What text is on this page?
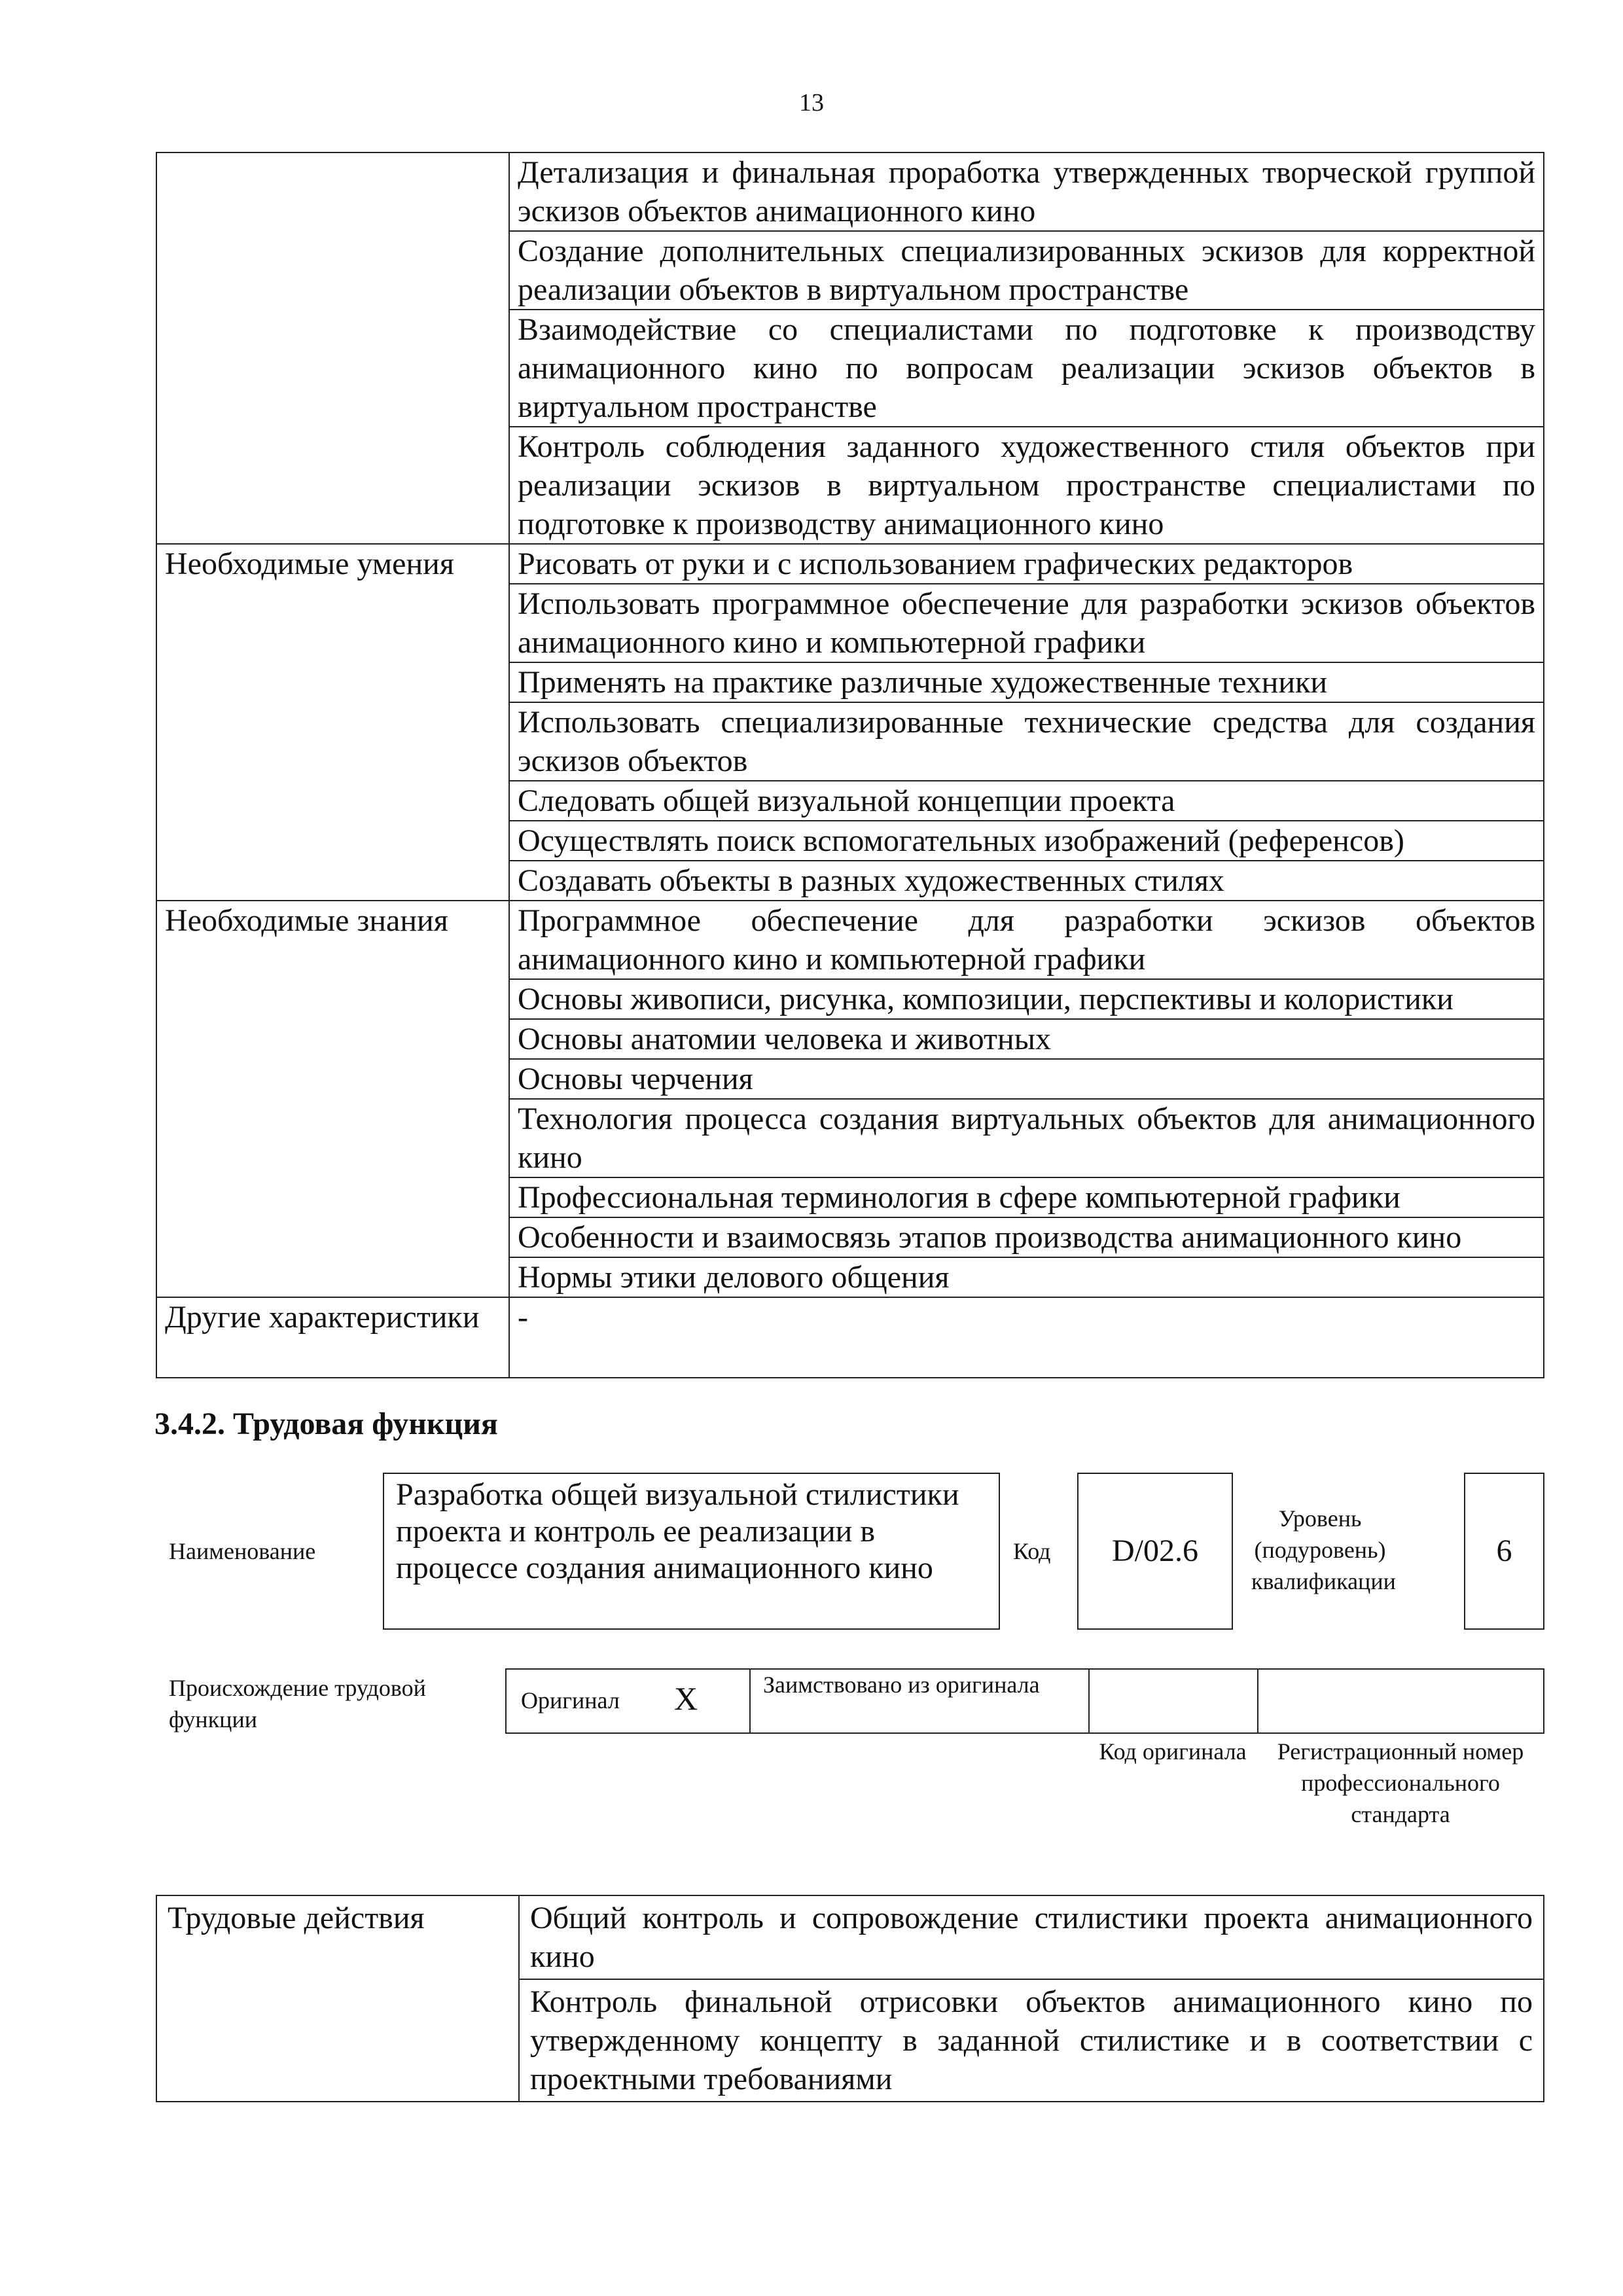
13
	Детализация и финальная проработка утвержденных творческой группой эскизов объектов анимационного кино
	Создание дополнительных специализированных эскизов для корректной реализации объектов в виртуальном пространстве
	Взаимодействие со специалистами по подготовке к производству анимационного кино по вопросам реализации эскизов объектов в виртуальном пространстве
	Контроль соблюдения заданного художественного стиля объектов при реализации эскизов в виртуальном пространстве специалистами по подготовке к производству анимационного кино
Необходимые умения	Рисовать от руки и с использованием графических редакторов
	Использовать программное обеспечение для разработки эскизов объектов анимационного кино и компьютерной графики
	Применять на практике различные художественные техники
	Использовать специализированные технические средства для создания эскизов объектов
	Следовать общей визуальной концепции проекта
	Осуществлять поиск вспомогательных изображений (референсов)
	Создавать объекты в разных художественных стилях
Необходимые знания	Программное обеспечение для разработки эскизов объектов анимационного кино и компьютерной графики
	Основы живописи, рисунка, композиции, перспективы и колористики
	Основы анатомии человека и животных
	Основы черчения
	Технология процесса создания виртуальных объектов для анимационного кино
	Профессиональная терминология в сфере компьютерной графики
	Особенности и взаимосвязь этапов производства анимационного кино
	Нормы этики делового общения
Другие характеристики	-
3.4.2. Трудовая функция
Наименование
Разработка общей визуальной стилистики проекта и контроль ее реализации в процессе создания анимационного кино	Код	D/02.6
Уровень (подуровень) квалификации
6
Происхождение трудовой функции
Оригинал X	Заимствовано из оригинала
Код оригинала	Регистрационный номер профессионального стандарта
Трудовые действия	Общий контроль и сопровождение стилистики проекта анимационного кино
Контроль финальной отрисовки объектов анимационного кино по утвержденному концепту в заданной стилистике и в соответствии с проектными требованиями
